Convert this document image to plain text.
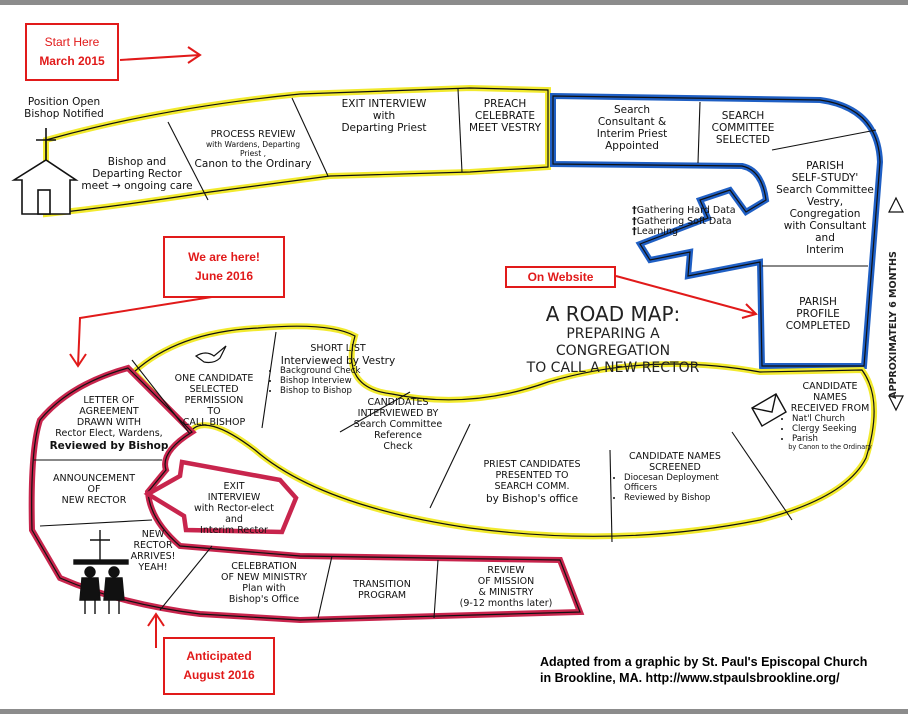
Start Here
March 2015
We are here!
June 2016	On Website
Anticipated
August 2016
A ROAD MAP:
PREPARING A
CONGREGATION
TO CALL A NEW RECTOR	APPROXIMATELY 6 MONTHS
Position Open
Bishop Notified
Bishop and
Departing Rector
meet → ongoing care
PROCESS REVIEW
with Wardens, Departing
Priest ,
Canon to the Ordinary
EXIT INTERVIEW
with
Departing Priest
PREACH
CELEBRATE
MEET VESTRY
Search
Consultant &
Interim Priest
Appointed
SEARCH
COMMITTEE
SELECTED
PARISH
SELF-STUDY'
Search Committee
Vestry,
Congregation
with Consultant
and
Interim
† Gathering Hard Data
† Gathering Soft Data
† Learning
PARISH
PROFILE
COMPLETED
CANDIDATE
NAMES
RECEIVED FROM
• Nat'l Church
• Clergy Seeking
• Parish
by Canon to the Ordinary
CANDIDATE NAMES
SCREENED
• Diocesan Deployment Officers
• Reviewed by Bishop
PRIEST CANDIDATES
PRESENTED TO
SEARCH COMM.
by Bishop's office
CANDIDATES
INTERVIEWED BY
Search Committee
Reference
Check
SHORT LIST
Interviewed by Vestry
• Background Check
• Bishop Interview
• Bishop to Bishop
ONE CANDIDATE
SELECTED
PERMISSION
TO
CALL BISHOP
LETTER OF
AGREEMENT
DRAWN WITH
Rector Elect, Wardens,
Reviewed by Bishop
ANNOUNCEMENT
OF
NEW RECTOR
EXIT
INTERVIEW
with Rector-elect
and
Interim Rector
NEW
RECTOR
ARRIVES!
YEAH!	CELEBRATION
OF NEW MINISTRY
Plan with
Bishop's Office
TRANSITION
PROGRAM
REVIEW
OF MISSION
& MINISTRY
(9-12 months later)
Adapted from a graphic by St. Paul's Episcopal Church
in Brookline, MA. http://www.stpaulsbrookline.org/
